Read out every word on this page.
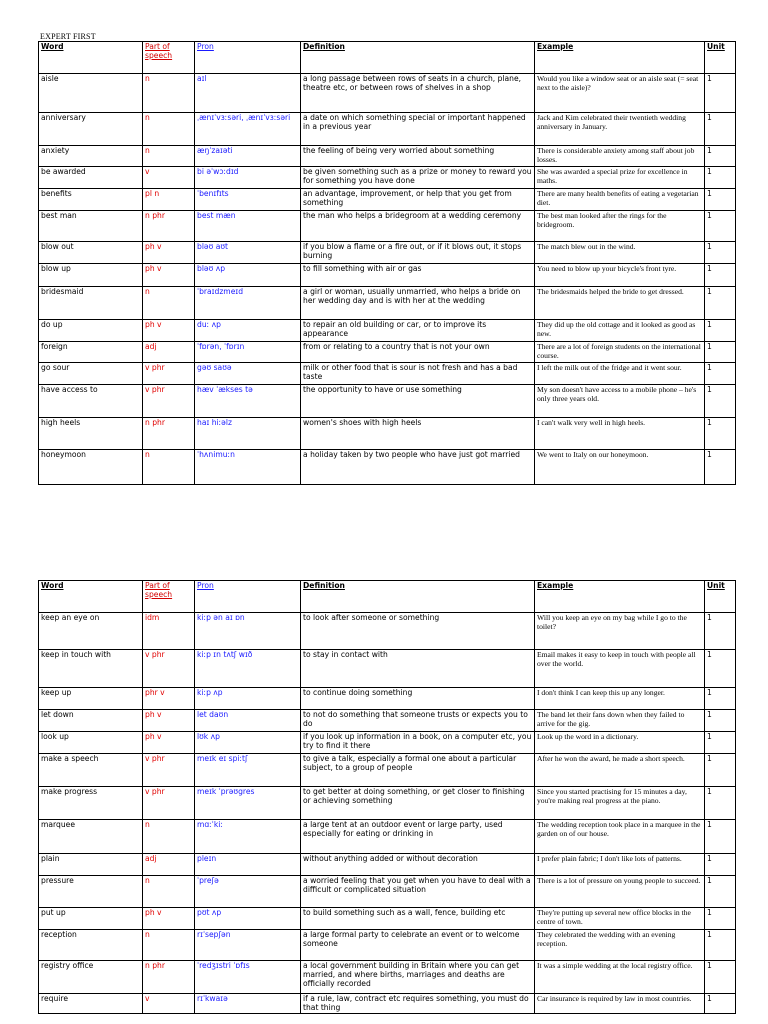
EXPERT FIRST
Word	Part of speech	Pron	Definition	Example	Unit
aisle	n	aɪl	a long passage between rows of seats in a church, plane, theatre etc, or between rows of shelves in a shop	Would you like a window seat or an aisle seat (= seat next to the aisle)?	1
anniversary	n	ˌænɪˈvɜːsəri, ˌænɪˈvɜːsəri	a date on which something special or important happened in a previous year	Jack and Kim celebrated their twentieth wedding anniversary in January.	1
anxiety	n	æŋˈzaɪəti	the feeling of being very worried about something	There is considerable anxiety among staff about job losses.	1
be awarded	v	bi əˈwɔːdɪd	be given something such as a prize or money to reward you for something you have done	She was awarded a special prize for excellence in maths.	1
benefits	pl n	ˈbenɪfɪts	an advantage, improvement, or help that you get from something	There are many health benefits of eating a vegetarian diet.	1
best man	n phr	best mæn	the man who helps a bridegroom at a wedding ceremony	The best man looked after the rings for the bridegroom.	1
blow out	ph v	bləʊ aʊt	if you blow a flame or a fire out, or if it blows out, it stops burning	The match blew out in the wind.	1
blow up	ph v	bləʊ ʌp	to fill something with air or gas	You need to blow up your bicycle's front tyre.	1
bridesmaid	n	ˈbraɪdzmeɪd	a girl or woman, usually unmarried, who helps a bride on her wedding day and is with her at the wedding	The bridesmaids helped the bride to get dressed.	1
do up	ph v	duː ʌp	to repair an old building or car, or to improve its appearance	They did up the old cottage and it looked as good as new.	1
foreign	adj	ˈfɒrən, ˈfɒrɪn	from or relating to a country that is not your own	There are a lot of foreign students on the international course.	1
go sour	v phr	gəʊ saʊə	milk or other food that is sour is not fresh and has a bad taste	I left the milk out of the fridge and it went sour.	1
have access to	v phr	hæv ˈækses tə	the opportunity to have or use something	My son doesn't have access to a mobile phone – he's only three years old.	1
high heels	n phr	haɪ hiːəlz	women's shoes with high heels	I can't walk very well in high heels.	1
honeymoon	n	ˈhʌnimuːn	a holiday taken by two people who have just got married	We went to Italy on our honeymoon.	1
Word	Part of speech	Pron	Definition	Example	Unit
keep an eye on	idm	kiːp ən aɪ ɒn	to look after someone or something	Will you keep an eye on my bag while I go to the toilet?	1
keep in touch with	v phr	kiːp ɪn tʌtʃ wɪð	to stay in contact with	Email makes it easy to keep in touch with people all over the world.	1
keep up	phr v	kiːp ʌp	to continue doing something	I don't think I can keep this up any longer.	1
let down	ph v	let daʊn	to not do something that someone trusts or expects you to do	The band let their fans down when they failed to arrive for the gig.	1
look up	ph v	lʊk ʌp	if you look up information in a book, on a computer etc, you try to find it there	Look up the word in a dictionary.	1
make a speech	v phr	meɪk eɪ spiːtʃ	to give a talk, especially a formal one about a particular subject, to a group of people	After he won the award, he made a short speech.	1
make progress	v phr	meɪk ˈprəʊgres	to get better at doing something, or get closer to finishing or achieving something	Since you started practising for 15 minutes a day, you're making real progress at the piano.	1
marquee	n	mɑːˈkiː	a large tent at an outdoor event or large party, used especially for eating or drinking in	The wedding reception took place in a marquee in the garden on of our house.	1
plain	adj	pleɪn	without anything added or without decoration	I prefer plain fabric; I don't like lots of patterns.	1
pressure	n	ˈpreʃə	a worried feeling that you get when you have to deal with a difficult or complicated situation	There is a lot of pressure on young people to succeed.	1
put up	ph v	pʊt ʌp	to build something such as a wall, fence, building etc	They're putting up several new office blocks in the centre of town.	1
reception	n	rɪˈsepʃən	a large formal party to celebrate an event or to welcome someone	They celebrated the wedding with an evening reception.	1
registry office	n phr	ˈredʒɪstri ˈɒfɪs	a local government building in Britain where you can get married, and where births, marriages and deaths are officially recorded	It was a simple wedding at the local registry office.	1
require	v	rɪˈkwaɪə	if a rule, law, contract etc requires something, you must do that thing	Car insurance is required by law in most countries.	1
